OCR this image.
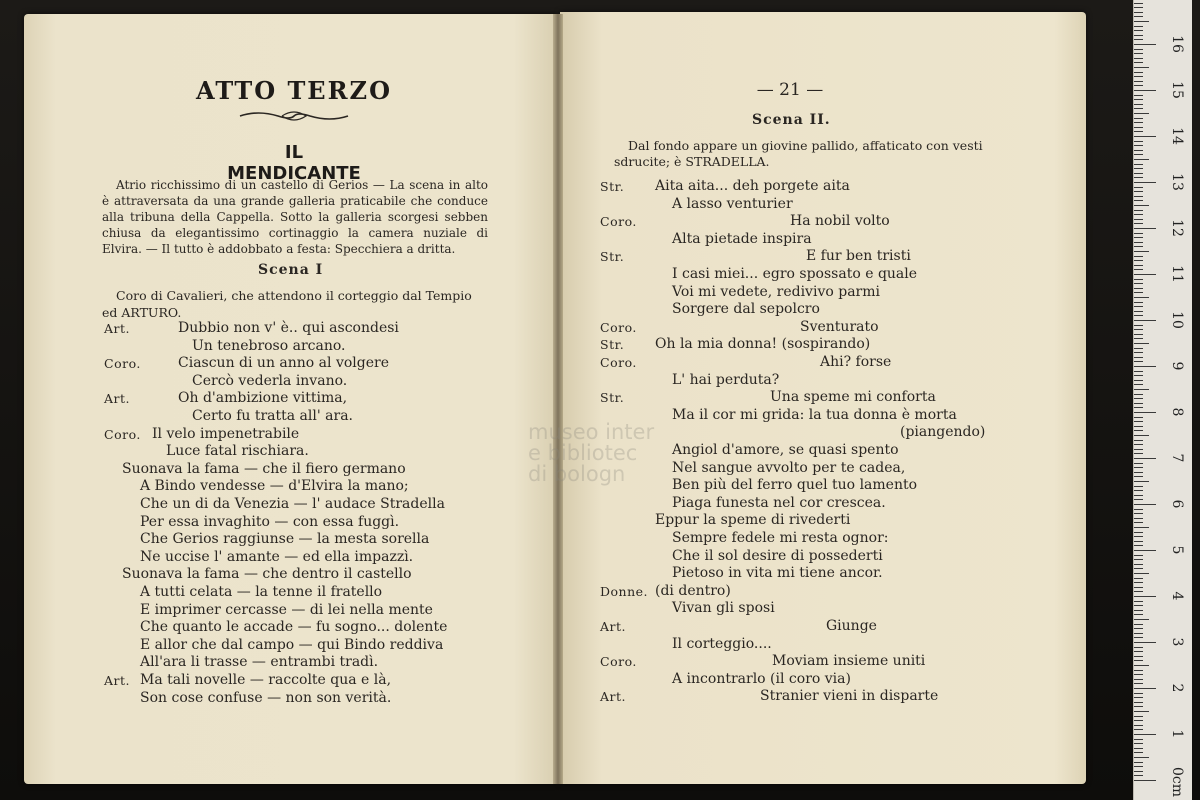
ATTO TERZO
IL MENDICANTE
Atrio ricchissimo di un castello di Gerios — La scena in alto è attraversata da una grande galleria praticabile che conduce alla tribuna della Cappella. Sotto la galleria scorgesi sebben chiusa da elegantissimo cortinaggio la camera nuziale di Elvira. — Il tutto è addobbato a festa: Specchiera a dritta.
Scena I
Coro di Cavalieri, che attendono il corteggio dal Tempio ed ARTURO.
Art.	Dubbio non v' è.. qui ascondesi
Un tenebroso arcano.
Coro.	Ciascun di un anno al volgere
Cercò vederla invano.
Art.	Oh d'ambizione vittima,
Certo fu tratta all' ara.
Coro. Il velo impenetrabile
Luce fatal rischiara.
Suonava la fama — che il fiero germano
A Bindo vendesse — d'Elvira la mano;
Che un di da Venezia — l' audace Stradella
Per essa invaghito — con essa fuggì.
Che Gerios raggiunse — la mesta sorella
Ne uccise l' amante — ed ella impazzì.
Suonava la fama — che dentro il castello
A tutti celata — la tenne il fratello
E imprimer cercasse — di lei nella mente
Che quanto le accade — fu sogno... dolente
E allor che dal campo — qui Bindo reddiva
All'ara li trasse — entrambi tradì.
Art. Ma tali novelle — raccolte qua e là,
Son cose confuse — non son verità.
— 21 —
Scena II.
Dal fondo appare un giovine pallido, affaticato con vesti sdrucite; è STRADELLA.
Str. Aita aita... deh porgete aita
A lasso venturier
Coro.	Ha nobil volto
Alta pietade inspira
Str.	E fur ben tristi
I casi miei... egro spossato e quale
Voi mi vedete, redivivo parmi
Sorgere dal sepolcro
Coro.	Sventurato
Str. Oh la mia donna! (sospirando)
Coro.	Ahi? forse
L' hai perduta?
Str.	Una speme mi conforta
Ma il cor mi grida: la tua donna è morta
(piangendo)
Angiol d'amore, se quasi spento
Nel sangue avvolto per te cadea,
Ben più del ferro quel tuo lamento
Piaga funesta nel cor crescea.
Eppur la speme di rivederti
Sempre fedele mi resta ognor:
Che il sol desire di possederti
Pietoso in vita mi tiene ancor.
Donne. (di dentro)
Vivan gli sposi
Art.	Giunge
Il corteggio....
Coro.	Moviam insieme uniti
A incontrarlo (il coro via)
Art.	Stranier vieni in disparte
museo inter
e bibliotec
di bologn
16
15
14
13
12
11
10
9
8
7
6
5
4
3
2
1
0cm
